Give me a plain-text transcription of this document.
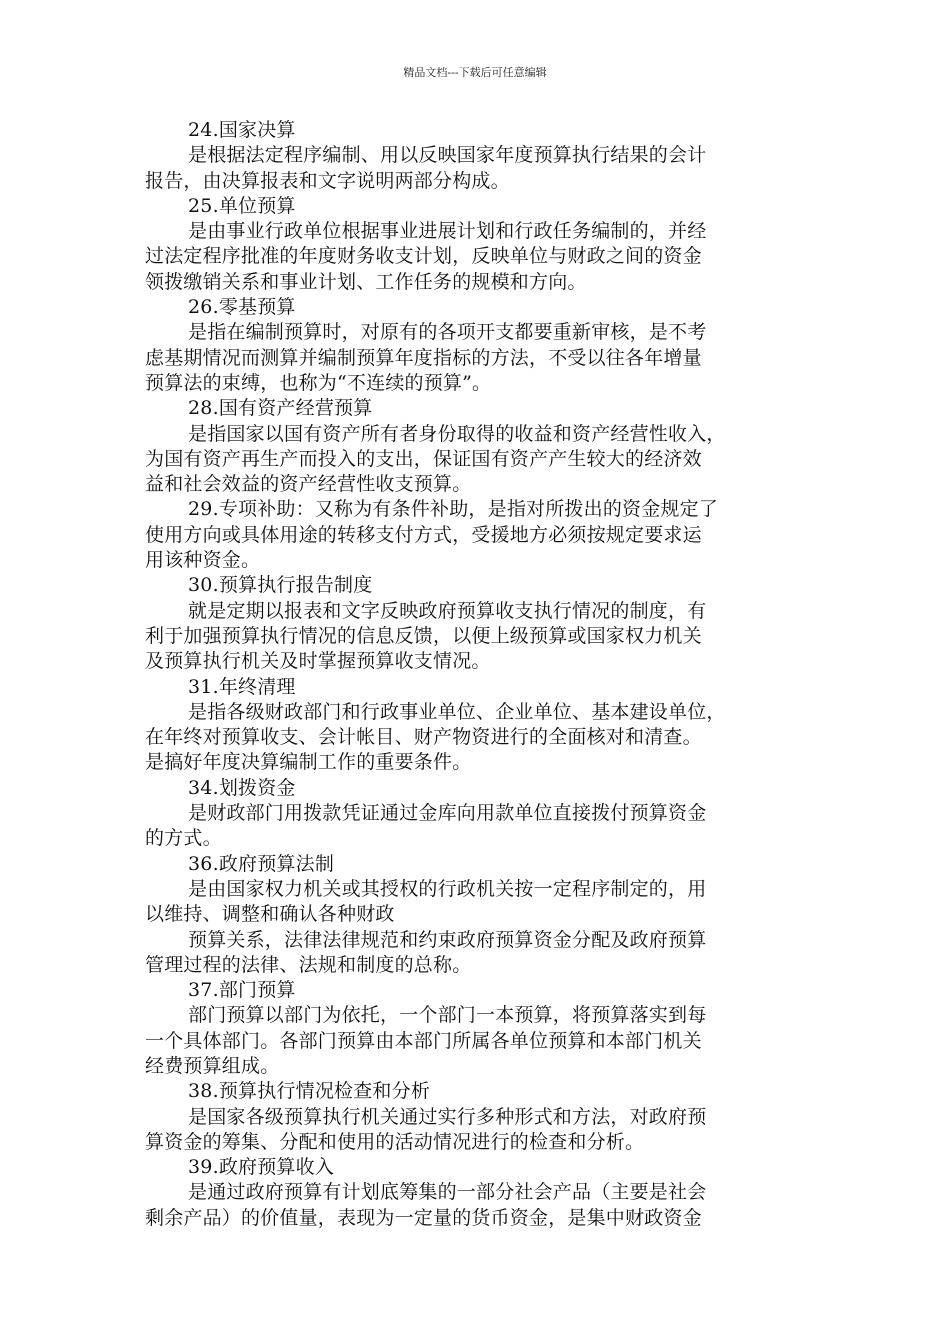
精品文档---下载后可任意编辑
24.国家决算
是根据法定程序编制、用以反映国家年度预算执行结果的会计
报告，由决算报表和文字说明两部分构成。
25.单位预算
是由事业行政单位根据事业进展计划和行政任务编制的，并经
过法定程序批准的年度财务收支计划，反映单位与财政之间的资金
领拨缴销关系和事业计划、工作任务的规模和方向。
26.零基预算
是指在编制预算时，对原有的各项开支都要重新审核，是不考
虑基期情况而测算并编制预算年度指标的方法，不受以往各年增量
预算法的束缚，也称为“不连续的预算”。
28.国有资产经营预算
是指国家以国有资产所有者身份取得的收益和资产经营性收入，
为国有资产再生产而投入的支出，保证国有资产产生较大的经济效
益和社会效益的资产经营性收支预算。
29.专项补助：又称为有条件补助，是指对所拨出的资金规定了
使用方向或具体用途的转移支付方式，受援地方必须按规定要求运
用该种资金。
30.预算执行报告制度
就是定期以报表和文字反映政府预算收支执行情况的制度，有
利于加强预算执行情况的信息反馈，以便上级预算或国家权力机关
及预算执行机关及时掌握预算收支情况。
31.年终清理
是指各级财政部门和行政事业单位、企业单位、基本建设单位，
在年终对预算收支、会计帐目、财产物资进行的全面核对和清查。
是搞好年度决算编制工作的重要条件。
34.划拨资金
是财政部门用拨款凭证通过金库向用款单位直接拨付预算资金
的方式。
36.政府预算法制
是由国家权力机关或其授权的行政机关按一定程序制定的，用
以维持、调整和确认各种财政
预算关系，法律法律规范和约束政府预算资金分配及政府预算
管理过程的法律、法规和制度的总称。
37.部门预算
部门预算以部门为依托，一个部门一本预算，将预算落实到每
一个具体部门。各部门预算由本部门所属各单位预算和本部门机关
经费预算组成。
38.预算执行情况检查和分析
是国家各级预算执行机关通过实行多种形式和方法，对政府预
算资金的筹集、分配和使用的活动情况进行的检查和分析。
39.政府预算收入
是通过政府预算有计划底筹集的一部分社会产品（主要是社会
剩余产品）的价值量，表现为一定量的货币资金，是集中财政资金
